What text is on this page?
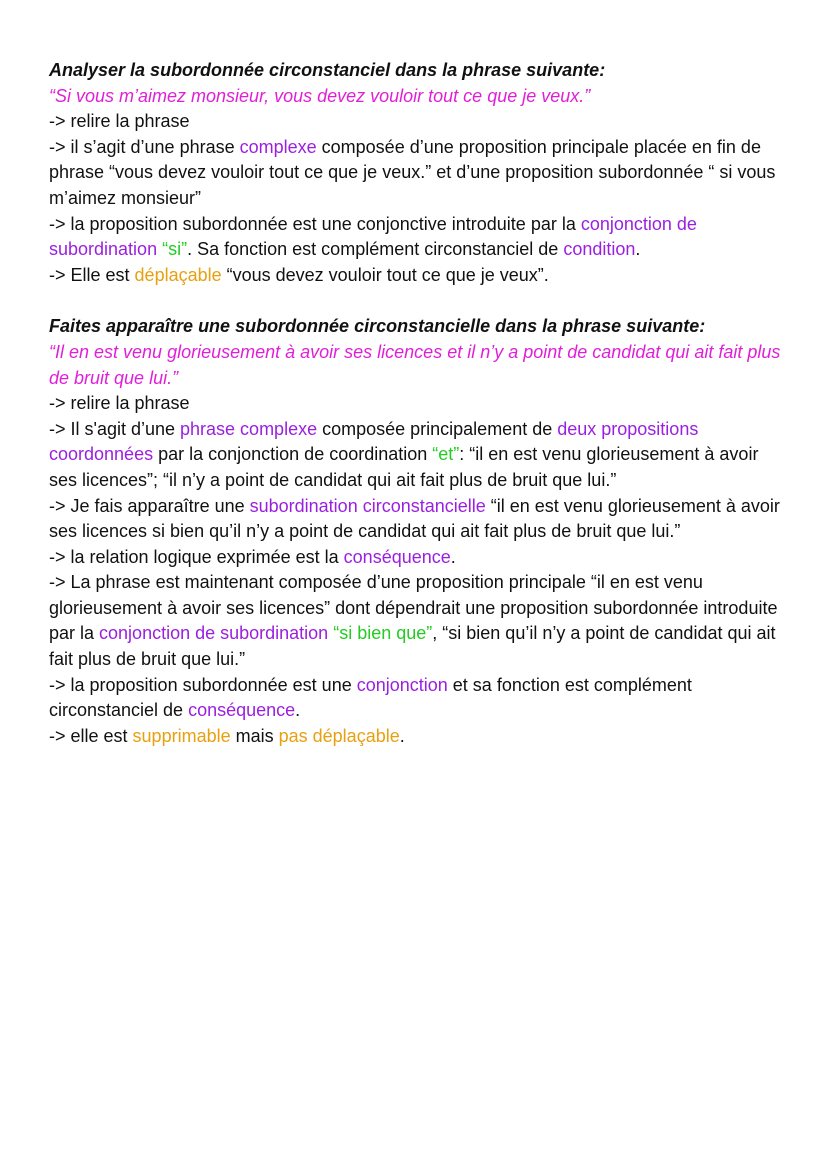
Analyser la subordonnée circonstanciel dans la phrase suivante:

“Si vous m’aimez monsieur, vous devez vouloir tout ce que je veux.”

-> relire la phrase

-> il s’agit d’une phrase complexe composée d’une proposition principale placée en fin de phrase “vous devez vouloir tout ce que je veux.” et d’une proposition subordonnée “ si vous m’aimez monsieur”

-> la proposition subordonnée est une conjonctive introduite par la conjonction de subordination “si”. Sa fonction est complément circonstanciel de condition.

-> Elle est déplaçable “vous devez vouloir tout ce que je veux”.

Faites apparaître une subordonnée circonstancielle dans la phrase suivante:

“Il en est venu glorieusement à avoir ses licences et il n’y a point de candidat qui ait fait plus de bruit que lui.”

-> relire la phrase

-> Il s'agit d’une phrase complexe composée principalement de deux propositions coordonnées par la conjonction de coordination “et”: “il en est venu glorieusement à avoir ses licences”; “il n’y a point de candidat qui ait fait plus de bruit que lui.”

-> Je fais apparaître une subordination circonstancielle “il en est venu glorieusement à avoir ses licences si bien qu’il n’y a point de candidat qui ait fait plus de bruit que lui.”

-> la relation logique exprimée est la conséquence.

-> La phrase est maintenant composée d’une proposition principale “il en est venu glorieusement à avoir ses licences” dont dépendrait une proposition subordonnée introduite par la conjonction de subordination “si bien que”, “si bien qu’il n’y a point de candidat qui ait fait plus de bruit que lui.”

-> la proposition subordonnée est une conjonction et sa fonction est complément circonstanciel de conséquence.

-> elle est supprimable mais pas déplaçable.
